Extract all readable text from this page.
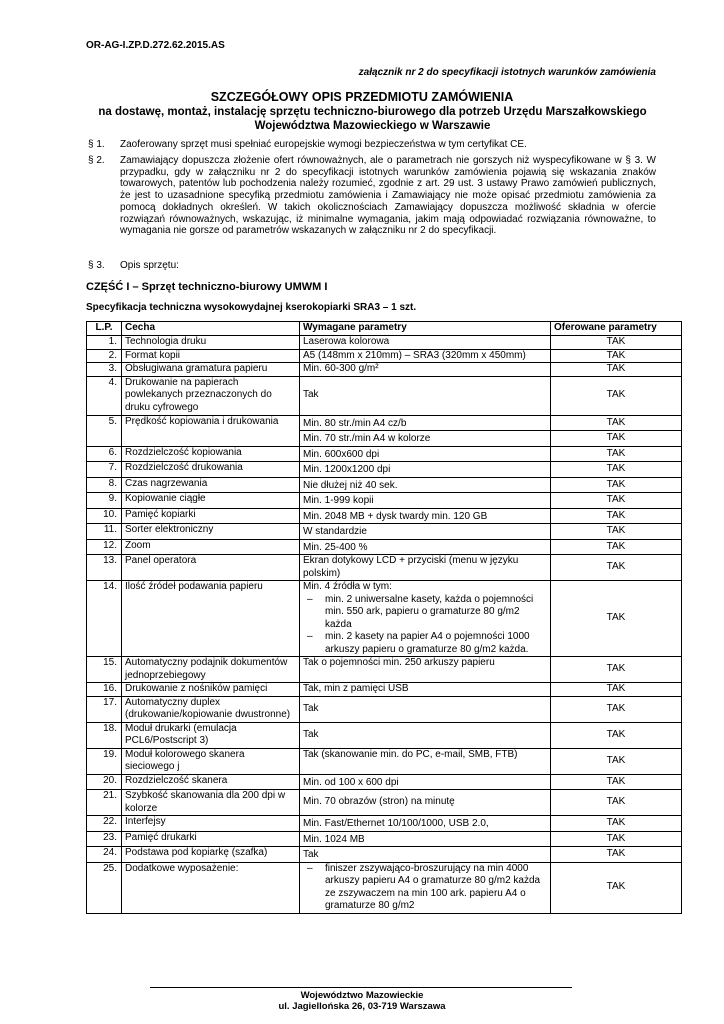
OR-AG-I.ZP.D.272.62.2015.AS
załącznik nr 2 do specyfikacji istotnych warunków zamówienia
SZCZEGÓŁOWY OPIS PRZEDMIOTU ZAMÓWIENIA
na dostawę, montaż, instalację sprzętu techniczno-biurowego dla potrzeb Urzędu Marszałkowskiego Województwa Mazowieckiego w Warszawie
§ 1. Zaoferowany sprzęt musi spełniać europejskie wymogi bezpieczeństwa w tym certyfikat CE.
§ 2. Zamawiający dopuszcza złożenie ofert równoważnych, ale o parametrach nie gorszych niż wyspecyfikowane w § 3. W przypadku, gdy w załączniku nr 2 do specyfikacji istotnych warunków zamówienia pojawią się wskazania znaków towarowych, patentów lub pochodzenia należy rozumieć, zgodnie z art. 29 ust. 3 ustawy Prawo zamówień publicznych, że jest to uzasadnione specyfiką przedmiotu zamówienia i Zamawiający nie może opisać przedmiotu zamówienia za pomocą dokładnych określeń. W takich okolicznościach Zamawiający dopuszcza możliwość składnia w ofercie rozwiązań równoważnych, wskazując, iż minimalne wymagania, jakim mają odpowiadać rozwiązania równoważne, to wymagania nie gorsze od parametrów wskazanych w załączniku nr 2 do specyfikacji.
§ 3. Opis sprzętu:
CZĘŚĆ I – Sprzęt techniczno-biurowy UMWM I
Specyfikacja techniczna wysokowydajnej kserokopiarki SRA3 – 1 szt.
L.P.	Cecha	Wymagane parametry	Oferowane parametry
1.	Technologia druku	Laserowa kolorowa	TAK
2.	Format kopii	A5 (148mm x 210mm) – SRA3 (320mm x 450mm)	TAK
3.	Obsługiwana gramatura papieru	Min. 60-300 g/m²	TAK
4.	Drukowanie na papierach powlekanych przeznaczonych do druku cyfrowego	Tak	TAK
5.	Prędkość kopiowania i drukowania	Min. 80 str./min A4 cz/b	TAK
		Min. 70 str./min A4 w kolorze	TAK
6.	Rozdzielczość kopiowania	Min. 600x600 dpi	TAK
7.	Rozdzielczość drukowania	Min. 1200x1200 dpi	TAK
8.	Czas nagrzewania	Nie dłużej niż 40 sek.	TAK
9.	Kopiowanie ciągłe	Min. 1-999 kopii	TAK
10.	Pamięć kopiarki	Min. 2048 MB + dysk twardy min. 120 GB	TAK
11.	Sorter elektroniczny	W standardzie	TAK
12.	Zoom	Min. 25-400 %	TAK
13.	Panel operatora	Ekran dotykowy LCD + przyciski (menu w języku polskim)	TAK
14.	Ilość źródeł podawania papieru	Min. 4 źródła w tym:
– min. 2 uniwersalne kasety, każda o pojemności min. 550 ark, papieru o gramaturze 80 g/m2 każda
– min. 2 kasety na papier A4 o pojemności 1000 arkuszy papieru o gramaturze 80 g/m2 każda.	TAK
15.	Automatyczny podajnik dokumentów jednoprzebiegowy	Tak o pojemności min. 250 arkuszy papieru	TAK
16.	Drukowanie z nośników pamięci	Tak, min z pamięci USB	TAK
17.	Automatyczny duplex (drukowanie/kopiowanie dwustronne)	Tak	TAK
18.	Moduł drukarki (emulacja PCL6/Postscript 3)	Tak	TAK
19.	Moduł kolorowego skanera sieciowego j	Tak (skanowanie min. do PC, e-mail, SMB, FTB)	TAK
20.	Rozdzielczość skanera	Min. od 100 x 600 dpi	TAK
21.	Szybkość skanowania dla 200 dpi w kolorze	Min. 70 obrazów (stron) na minutę	TAK
22.	Interfejsy	Min. Fast/Ethernet 10/100/1000, USB 2.0,	TAK
23.	Pamięć drukarki	Min. 1024 MB	TAK
24.	Podstawa pod kopiarkę (szafka)	Tak	TAK
25.	Dodatkowe wyposażenie:	– finiszer zszywająco-broszurujący na min 4000 arkuszy papieru A4 o gramaturze 80 g/m2 każda ze zszywaczem na min 100 ark. papieru A4 o gramaturze 80 g/m2	TAK
Województwo Mazowieckie
ul. Jagiellońska 26, 03-719 Warszawa
